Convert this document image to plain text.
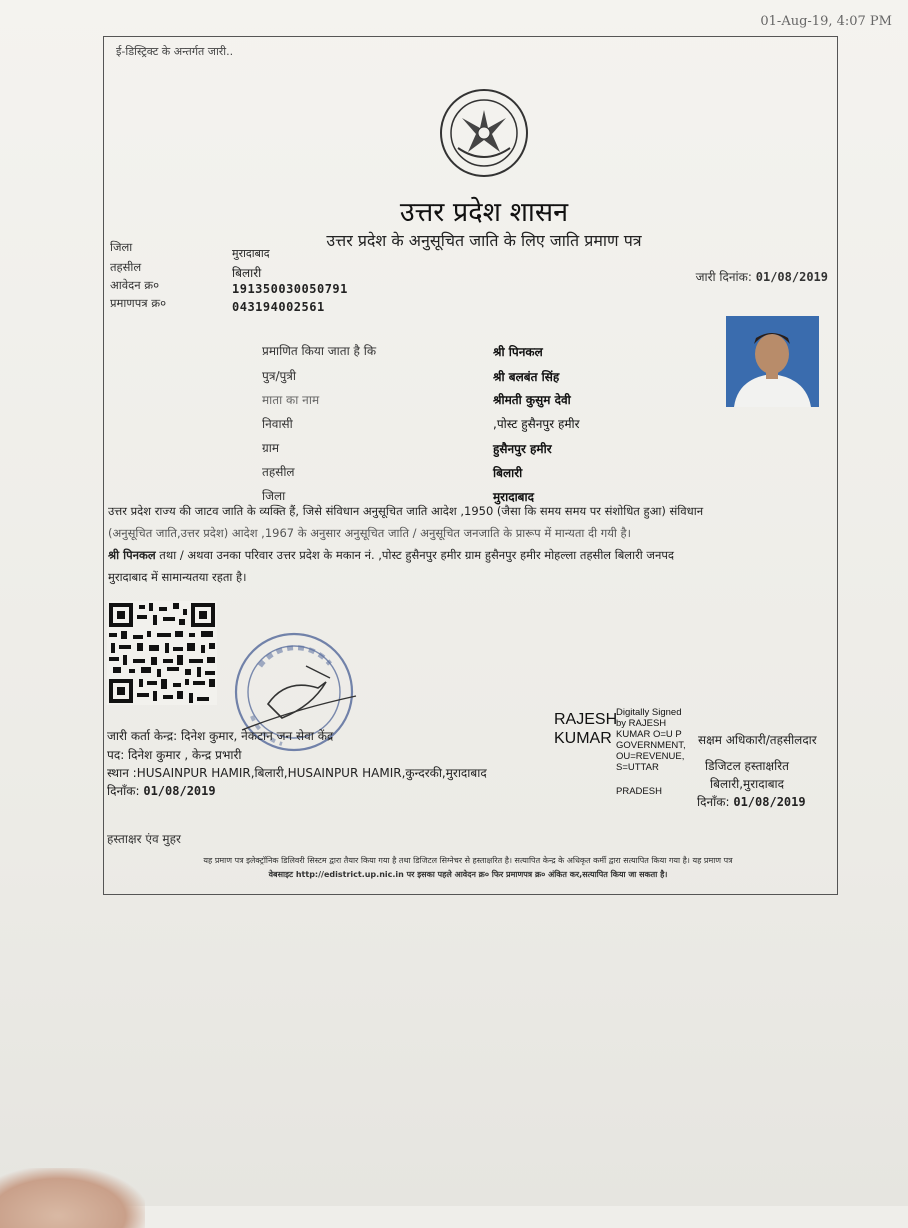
01-Aug-19, 4:07 PM
ई-डिस्ट्रिक्ट के अन्तर्गत जारी..
उत्तर प्रदेश शासन
उत्तर प्रदेश के अनुसूचित जाति के लिए जाति प्रमाण पत्र
जिला	मुरादाबाद
तहसील	बिलारी
आवेदन क्र०	191350030050791
प्रमाणपत्र क्र०	043194002561
जारी दिनांक: 01/08/2019
प्रमाणित किया जाता है कि	श्री पिनकल
पुत्र/पुत्री	श्री बलबंत सिंह
माता का नाम	श्रीमती कुसुम देवी
निवासी	,पोस्ट हुसैनपुर हमीर
ग्राम	हुसैनपुर हमीर
तहसील	बिलारी
जिला	मुरादाबाद
उत्तर प्रदेश राज्य की जाटव जाति के व्यक्ति हैं, जिसे संविधान अनुसूचित जाति आदेश ,1950 (जैसा कि समय समय पर संशोधित हुआ) संविधान
(अनुसूचित जाति,उत्तर प्रदेश) आदेश ,1967 के अनुसार अनुसूचित जाति / अनुसूचित जनजाति के प्रारूप में मान्यता दी गयी है।
श्री पिनकल तथा / अथवा उनका परिवार उत्तर प्रदेश के मकान नं. ,पोस्ट हुसैनपुर हमीर ग्राम हुसैनपुर हमीर मोहल्ला तहसील बिलारी जनपद
मुरादाबाद में सामान्यतया रहता है।
जारी कर्ता केन्द्र: दिनेश कुमार, नेकटान जन सेवा केंद्र
पद: दिनेश कुमार , केन्द्र प्रभारी
स्थान :HUSAINPUR HAMIR,बिलारी,HUSAINPUR HAMIR,कुन्दरकी,मुरादाबाद
दिनाँक: 01/08/2019
RAJESH
KUMAR
Digitally Signed by RAJESH KUMAR O=U P GOVERNMENT, OU=REVENUE, S=UTTAR
PRADESH
सक्षम अधिकारी/तहसीलदार
डिजिटल हस्ताक्षरित
बिलारी,मुरादाबाद
दिनाँक: 01/08/2019
हस्ताक्षर एंव मुहर
यह प्रमाण पत्र इलेक्ट्रॉनिक डिलिवरी सिस्टम द्वारा तैयार किया गया है तथा डिजिटल सिग्नेचर से हस्ताक्षरित है। सत्यापित केन्द्र के अधिकृत कर्मी द्वारा सत्यापित किया गया है। यह प्रमाण पत्र
वेबसाइट http://edistrict.up.nic.in पर इसका पहले आवेदन क्र० फिर प्रमाणपत्र क्र० अंकित कर,सत्यापित किया जा सकता है।
